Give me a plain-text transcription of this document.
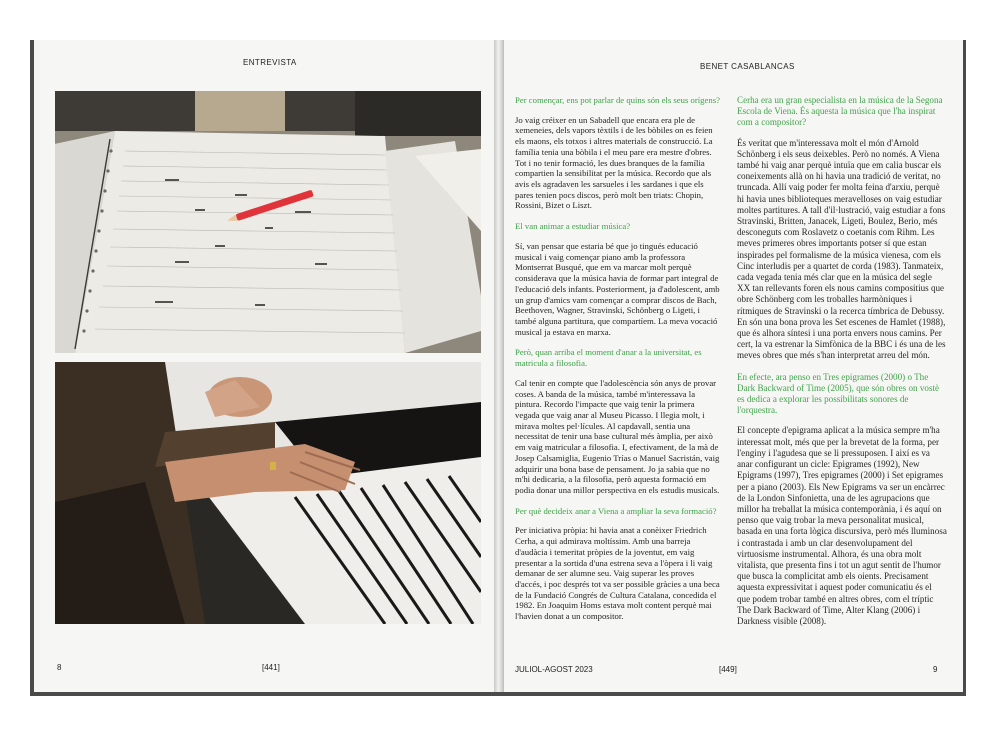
ENTREVISTA	BENET CASABLANCAS

Per començar, ens pot parlar de quins són els seus orígens?

Jo vaig créixer en un Sabadell que encara era ple de xemeneies, dels vapors tèxtils i de les bòbiles on es feien els maons, els totxos i altres materials de construcció. La família tenia una bòbila i el meu pare era mestre d'obres. Tot i no tenir formació, les dues branques de la família compartien la sensibilitat per la música. Recordo que als avis els agradaven les sarsueles i les sardanes i que els pares tenien pocs discos, però molt ben triats: Chopin, Rossini, Bizet o Liszt.

El van animar a estudiar música?

Sí, van pensar que estaria bé que jo tingués educació musical i vaig començar piano amb la professora Montserrat Busqué, que em va marcar molt perquè considerava que la música havia de formar part integral de l'educació dels infants. Posteriorment, ja d'adolescent, amb un grup d'amics vam començar a comprar discos de Bach, Beethoven, Wagner, Stravinski, Schönberg o Ligeti, i també alguna partitura, que compartíem. La meva vocació musical ja estava en marxa.

Però, quan arriba el moment d'anar a la universitat, es matricula a filosofia.

Cal tenir en compte que l'adolescència són anys de provar coses. A banda de la música, també m'interessava la pintura. Recordo l'impacte que vaig tenir la primera vegada que vaig anar al Museu Picasso. I llegia molt, i mirava moltes pel·lícules. Al capdavall, sentia una necessitat de tenir una base cultural més àmplia, per això em vaig matricular a filosofia. I, efectivament, de la mà de Josep Calsamiglia, Eugenio Trías o Manuel Sacristán, vaig adquirir una bona base de pensament. Jo ja sabia que no m'hi dedicaria, a la filosofia, però aquesta formació em podia donar una millor perspectiva en els estudis musicals.

Per què decideix anar a Viena a ampliar la seva formació?

Per iniciativa pròpia: hi havia anat a conèixer Friedrich Cerha, a qui admirava moltíssim. Amb una barreja d'audàcia i temeritat pròpies de la joventut, em vaig presentar a la sortida d'una estrena seva a l'òpera i li vaig demanar de ser alumne seu. Vaig superar les proves d'accés, i poc després tot va ser possible gràcies a una beca de la Fundació Congrés de Cultura Catalana, concedida el 1982. En Joaquim Homs estava molt content perquè mai l'havien donat a un compositor.

Cerha era un gran especialista en la música de la Segona Escola de Viena. És aquesta la música que l'ha inspirat com a compositor?

És veritat que m'interessava molt el món d'Arnold Schönberg i els seus deixebles. Però no només. A Viena també hi vaig anar perquè intuïa que em calia buscar els coneixements allà on hi havia una tradició de veritat, no truncada. Allí vaig poder fer molta feina d'arxiu, perquè hi havia unes biblioteques meravelloses on vaig estudiar moltes partitures. A tall d'il·lustració, vaig estudiar a fons Stravinski, Britten, Janacek, Ligeti, Boulez, Berio, més desconeguts com Roslavetz o coetanis com Rihm. Les meves primeres obres importants potser sí que estan inspirades pel formalisme de la música vienesa, com els Cinc interludis per a quartet de corda (1983). Tanmateix, cada vegada tenia més clar que en la música del segle XX tan rellevants foren els nous camins compositius que obre Schönberg com les troballes harmòniques i rítmiques de Stravinski o la recerca tímbrica de Debussy. En són una bona prova les Set escenes de Hamlet (1988), que és alhora síntesi i una porta envers nous camins. Per cert, la va estrenar la Simfònica de la BBC i és una de les meves obres que més s'han interpretat arreu del món.

En efecte, ara penso en Tres epigrames (2000) o The Dark Backward of Time (2005), que són obres on vostè es dedica a explorar les possibilitats sonores de l'orquestra.

El concepte d'epigrama aplicat a la música sempre m'ha interessat molt, més que per la brevetat de la forma, per l'enginy i l'agudesa que se li pressuposen. I així es va anar configurant un cicle: Epigrames (1992), New Epigrams (1997), Tres epigrames (2000) i Set epigrames per a piano (2003). Els New Epigrams va ser un encàrrec de la London Sinfonietta, una de les agrupacions que millor ha treballat la música contemporània, i és aquí on penso que vaig trobar la meva personalitat musical, basada en una forta lògica discursiva, però més lluminosa i contrastada i amb un clar desenvolupament del virtuosisme instrumental. Alhora, és una obra molt vitalista, que presenta fins i tot un agut sentit de l'humor que busca la complicitat amb els oients. Precisament aquesta expressivitat i aquest poder comunicatiu és el que podem trobar també en altres obres, com el tríptic The Dark Backward of Time, Alter Klang (2006) i Darkness visible (2008).

8	[441]	JULIOL-AGOST 2023	[449]	9
